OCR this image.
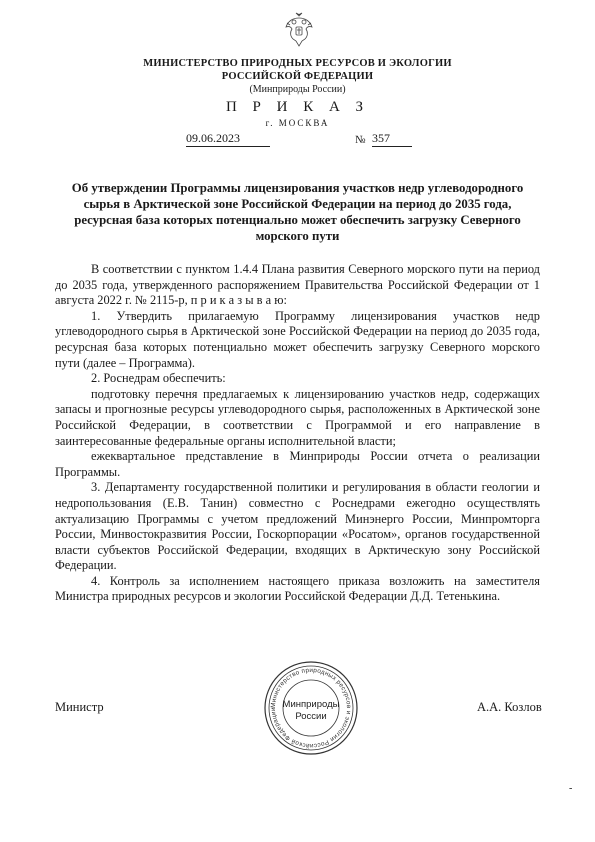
МИНИСТЕРСТВО ПРИРОДНЫХ РЕСУРСОВ И ЭКОЛОГИИ
РОССИЙСКОЙ ФЕДЕРАЦИИ
(Минприроды России)
П Р И К А З
г. МОСКВА
09.06.2023	№ 357
Об утверждении Программы лицензирования участков недр углеводородного сырья в Арктической зоне Российской Федерации на период до 2035 года, ресурсная база которых потенциально может обеспечить загрузку Северного морского пути

В соответствии с пунктом 1.4.4 Плана развития Северного морского пути на период до 2035 года, утвержденного распоряжением Правительства Российской Федерации от 1 августа 2022 г. № 2115-р, п р и к а з ы в а ю:

1. Утвердить прилагаемую Программу лицензирования участков недр углеводородного сырья в Арктической зоне Российской Федерации на период до 2035 года, ресурсная база которых потенциально может обеспечить загрузку Северного морского пути (далее – Программа).

2. Роснедрам обеспечить:

подготовку перечня предлагаемых к лицензированию участков недр, содержащих запасы и прогнозные ресурсы углеводородного сырья, расположенных в Арктической зоне Российской Федерации, в соответствии с Программой и его направление в заинтересованные федеральные органы исполнительной власти;

ежеквартальное представление в Минприроды России отчета о реализации Программы.

3. Департаменту государственной политики и регулирования в области геологии и недропользования (Е.В. Танин) совместно с Роснедрами ежегодно осуществлять актуализацию Программы с учетом предложений Минэнерго России, Минпромторга России, Минвостокразвития России, Госкорпорации «Росатом», органов государственной власти субъектов Российской Федерации, входящих в Арктическую зону Российской Федерации.

4. Контроль за исполнением настоящего приказа возложить на заместителя Министра природных ресурсов и экологии Российской Федерации Д.Д. Тетенькина.

Министр	А.А. Козлов
Министерство природных ресурсов и экологии Российской Федерации Минприроды
России
-
